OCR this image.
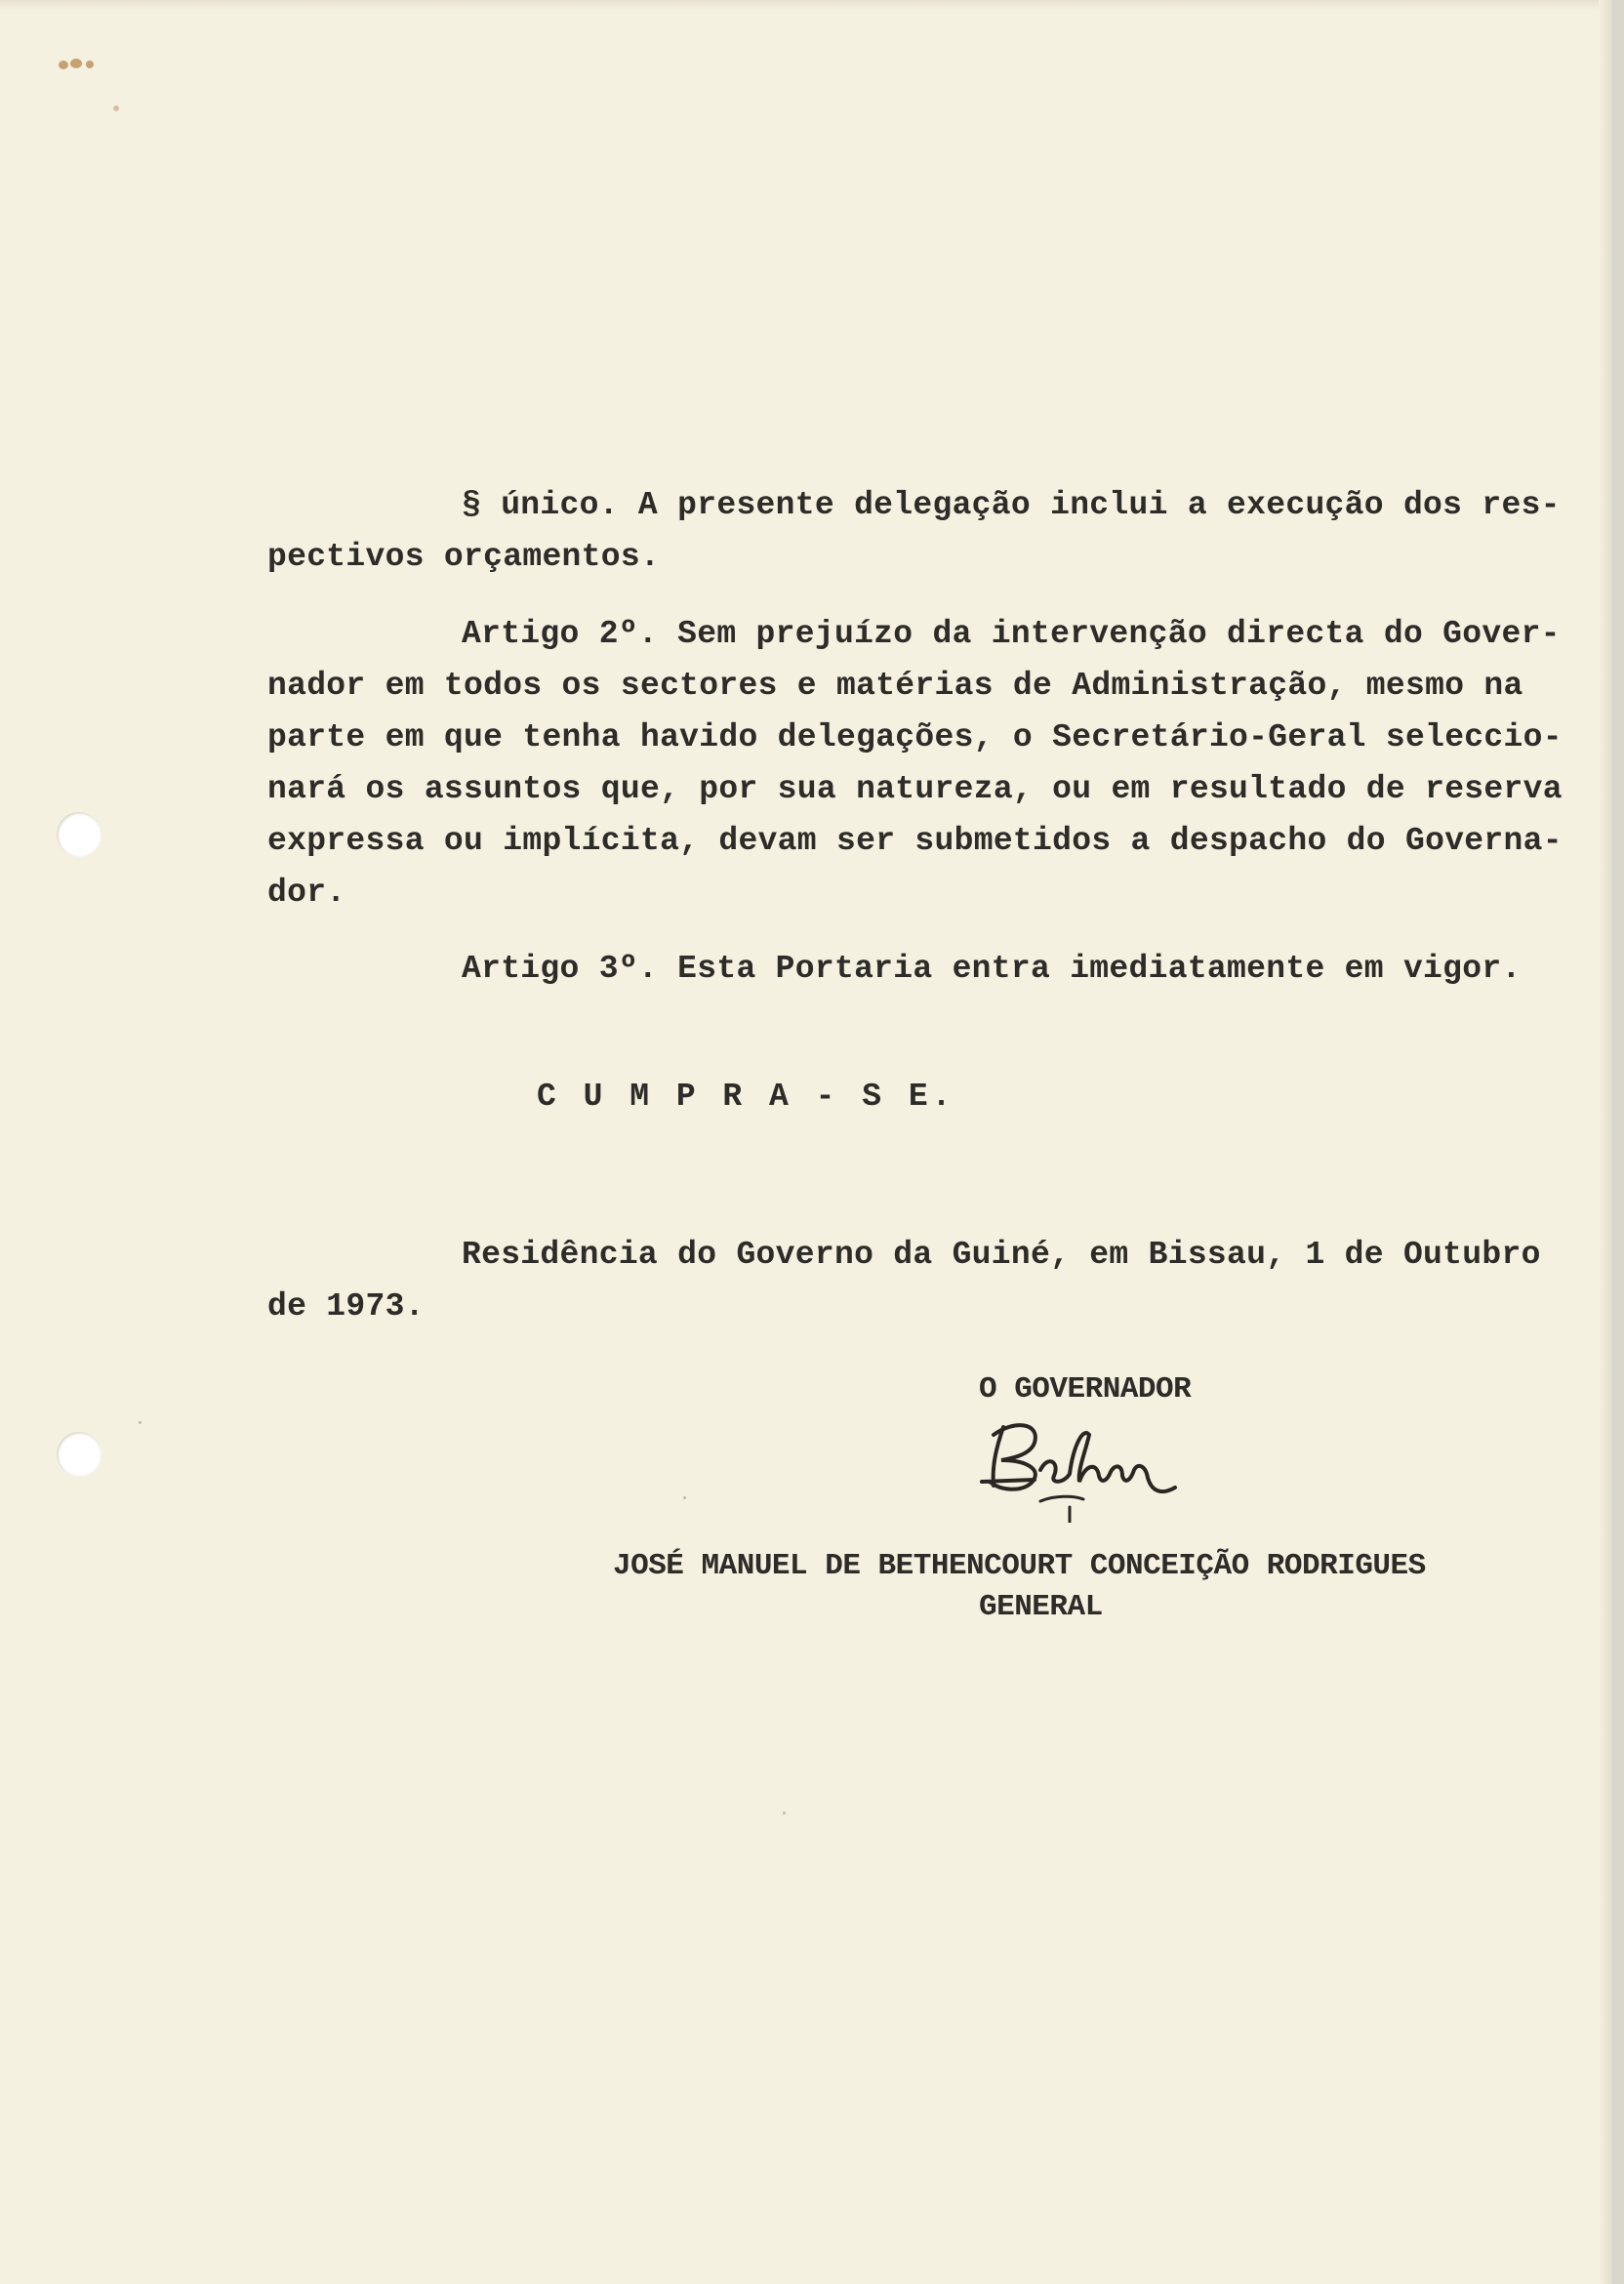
§ único. A presente delegação inclui a execução dos res-
pectivos orçamentos.
Artigo 2º. Sem prejuízo da intervenção directa do Gover-
nador em todos os sectores e matérias de Administração, mesmo na
parte em que tenha havido delegações, o Secretário-Geral seleccio-
nará os assuntos que, por sua natureza, ou em resultado de reserva
expressa ou implícita, devam ser submetidos a despacho do Governa-
dor.
Artigo 3º. Esta Portaria entra imediatamente em vigor.
C U M P R A - S E.
Residência do Governo da Guiné, em Bissau, 1 de Outubro
de 1973.
O GOVERNADOR
JOSÉ MANUEL DE BETHENCOURT CONCEIÇÃO RODRIGUES
GENERAL
